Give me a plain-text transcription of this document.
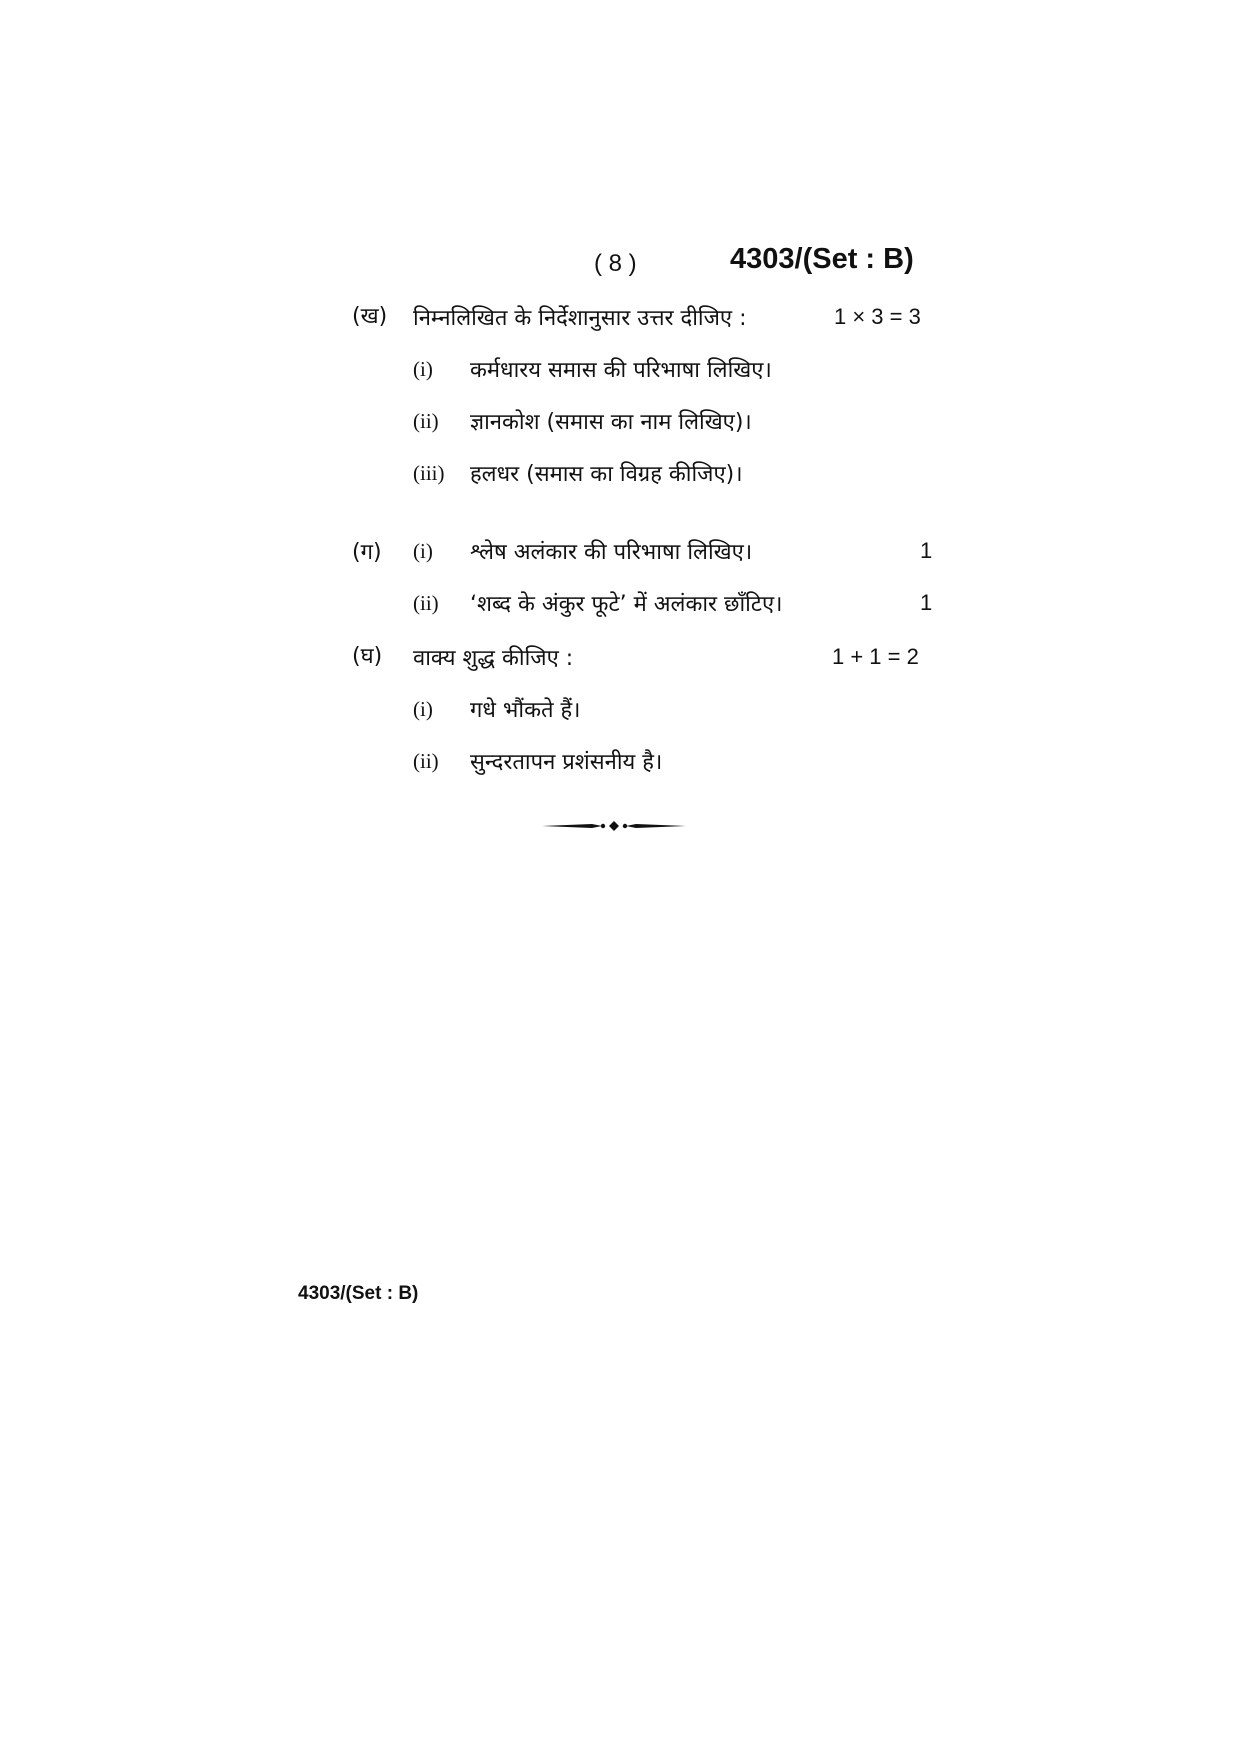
( 8 )	4303/(Set : B)
(ख) निम्नलिखित के निर्देशानुसार उत्तर दीजिए :	1 × 3 = 3
(i) कर्मधारय समास की परिभाषा लिखिए।
(ii) ज्ञानकोश (समास का नाम लिखिए)।
(iii) हलधर (समास का विग्रह कीजिए)।
(ग) (i) श्लेष अलंकार की परिभाषा लिखिए।	1
(ii) ‘शब्द के अंकुर फूटे’ में अलंकार छाँटिए।	1
(घ) वाक्य शुद्ध कीजिए :	1 + 1 = 2
(i) गधे भौंकते हैं।
(ii) सुन्दरतापन प्रशंसनीय है।
4303/(Set : B)
